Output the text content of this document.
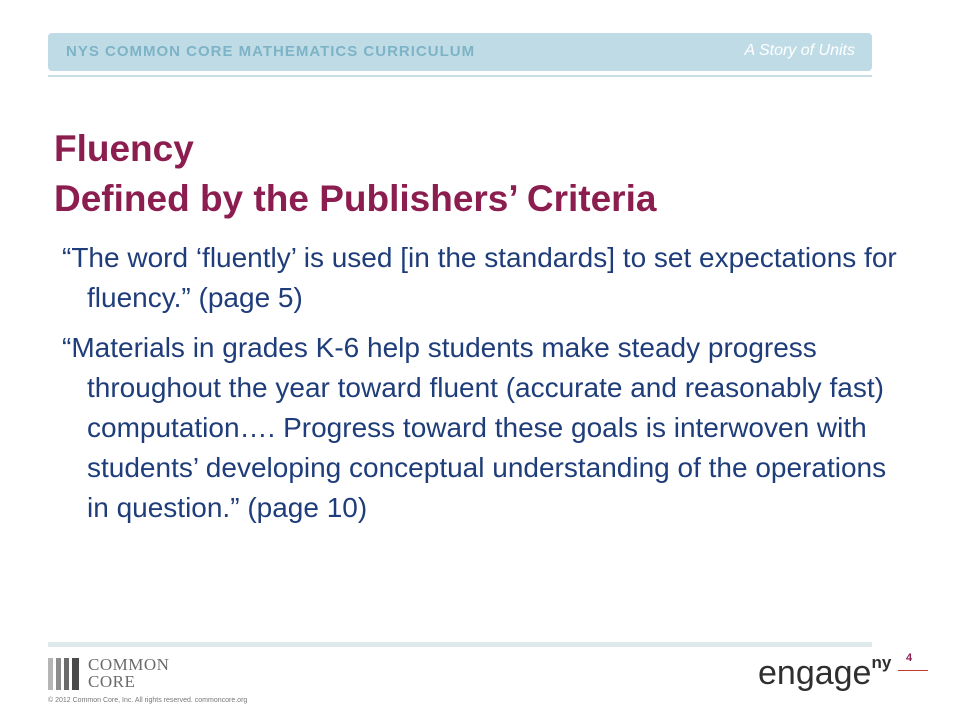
NYS COMMON CORE MATHEMATICS CURRICULUM	A Story of Units
Fluency
Defined by the Publishers’ Criteria

“The word ‘fluently’ is used [in the standards] to set expectations for fluency.” (page 5)

“Materials in grades K-6 help students make steady progress throughout the year toward fluent (accurate and reasonably fast) computation…. Progress toward these goals is interwoven with students’ developing conceptual understanding of the operations in question.” (page 10)

COMMON
CORE
© 2012 Common Core, Inc. All rights reserved. commoncore.org
engage$^{ny}$ 4
